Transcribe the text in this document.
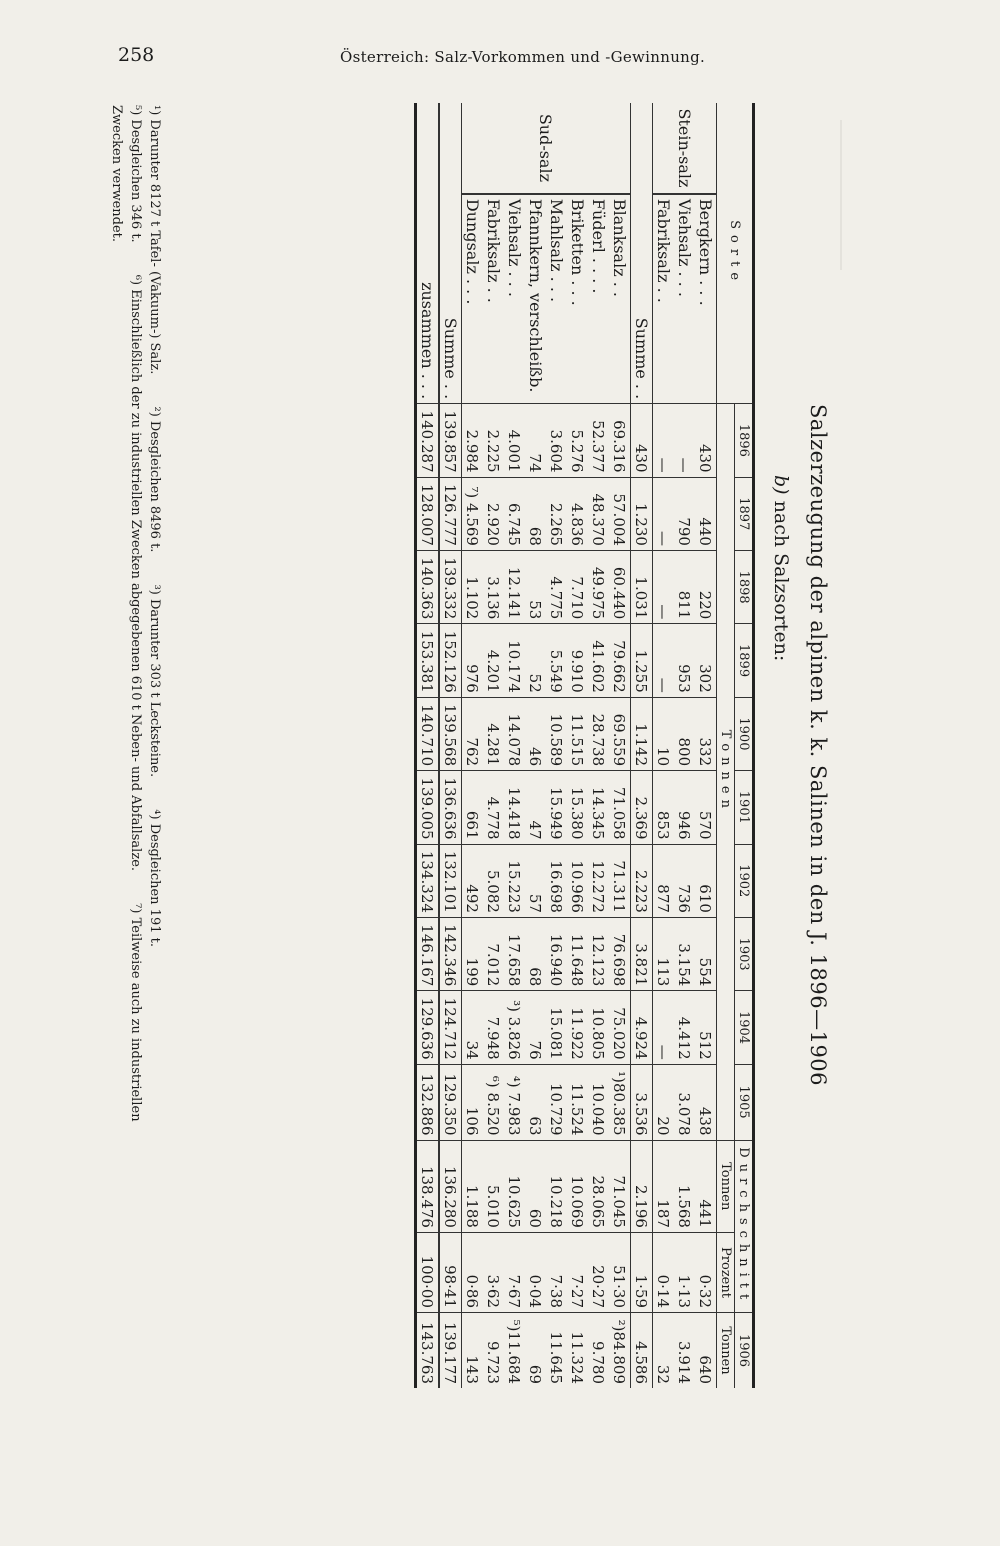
258	Österreich: Salz-Vorkommen und -Gewinnung.
Salzerzeugung der alpinen k. k. Salinen in den J. 1896—1906
b) nach Salzsorten:
Sorte		1896	1897	1898	1899	1900	1901	1902	1903	1904	1905	Durchschnitt		1906
		Tonnen										Tonnen	Prozent	Tonnen
Stein-salz	Bergkern . . .	430	440	220	302	332	570	610	554	512	438	441	0·32	640
	Viehsalz . . .	—	790	811	953	800	946	736	3.154	4.412	3.078	1.568	1·13	3.914
	Fabriksalz . .	—	—	—	—	10	853	877	113	—	20	187	0·14	32
Summe . .		430	1.230	1.031	1.255	1.142	2.369	2.223	3.821	4.924	3.536	2.196	1·59	4.586
Sud-salz	Blanksalz . .	69.316	57.004	60.440	79.662	69.559	71.058	71.311	76.698	75.020	¹)80.385	71.045	51·30	²)84.809
	Füderl . . . .	52.377	48.370	49.975	41.602	28.738	14.345	12.272	12.123	10.805	10.040	28.065	20·27	9.780
	Briketten . . .	5.276	4.836	7.710	9.910	11.515	15.380	10.966	11.648	11.922	11.524	10.069	7·27	11.324
	Mahlsalz . . .	3.604	2.265	4.775	5.549	10.589	15.949	16.698	16.940	15.081	10.729	10.218	7·38	11.645
	Pfannkern, verschleißb.	74	68	53	52	46	47	57	68	76	63	60	0·04	69
	Viehsalz . . .	4.001	6.745	12.141	10.174	14.078	14.418	15.223	17.658	³) 3.826	⁴) 7.983	10.625	7·67	⁵)11.684
	Fabriksalz . .	2.225	2.920	3.136	4.201	4.281	4.778	5.082	7.012	7.948	⁶) 8.520	5.010	3·62	9.723
	Dungsalz . . .	2.984	⁷) 4.569	1.102	976	762	661	492	199	34	106	1.188	0·86	143
Summe . .		139.857	126.777	139.332	152.126	139.568	136.636	132.101	142.346	124.712	129.350	136.280	98·41	139.177
zusammen . . .		140.287	128.007	140.363	153.381	140.710	139.005	134.324	146.167	129.636	132.886	138.476	100·00	143.763
¹) Darunter 8127 t Tafel- (Vakuum-) Salz. ²) Desgleichen 8496 t. ³) Darunter 303 t Lecksteine. ⁴) Desgleichen 191 t.
⁵) Desgleichen 346 t. ⁶) Einschließlich der zu industriellen Zwecken abgegebenen 610 t Neben- und Abfallsalze. ⁷) Teilweise auch zu industriellen
Zwecken verwendet.
